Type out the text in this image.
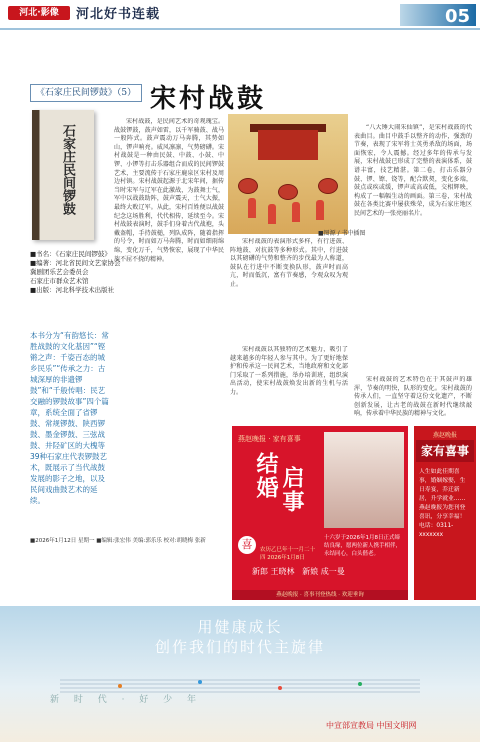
河北·影像	河北好书连载	05
《石家庄民间锣鼓》（5） 宋村战鼓
石家庄民间锣鼓
■书名：《石家庄民间锣鼓》
■编著：河北省民间文艺家协会
冀剧团乐艺会委员会
石家庄市群众艺术馆
■出版：河北科学技术出版社
本书分为“有韵悠长：常胜战鼓的文化基因”“铿锵之声：千姿百态的城乡民乐”“传承之力：古城深厚的非遗锣鼓”和“千般传唱：民艺交融的锣鼓故事”四个篇章，系统全面了省锣鼓、常规锣鼓、陕西锣鼓、墨金锣鼓、三弦战鼓、井陉矿区的大槐等39种石家庄代表锣鼓艺术，既展示了当代战鼓发展的影子之地，以及民间戏曲鼓艺术的延续。
宋村战鼓，是民间艺术的奇观瑰宝。战鼓锣鼓，鼓声如雷，以千军骑鼓、战马一般阵式。鼓声震动万马奔腾，其势如山，锣声响亮。威风凛凛，气势磅礴。宋村战鼓是一种由民鼓、中鼓、小鼓、中锣、小锣等打击乐器组合而成的民间锣鼓艺术，主要流传于石家庄鹿泉区宋村及周边村镇。宋村战鼓起源于北宋年间，据传当时宋军与辽军在此激战，为鼓舞士气，军中以战鼓助阵，鼓声震天，士气大振，最终大败辽军。从此，宋村百姓便以战鼓纪念这场胜利，代代相传，延续至今。宋村战鼓表演时，鼓手们身着古代战袍，头戴盔帽，手持鼓槌，列队成阵，随着指挥的号令，时而如万马奔腾，时而如细雨绵绵，变化万千，气势恢宏，展现了中华民族不屈不挠的精神。
■图源 / 书中插图
宋村战鼓的表演形式多样，有行进鼓、阵地鼓、对抗鼓等多种形式。其中，行进鼓以其磅礴的气势和整齐的步伐最为人称道，鼓队在行进中不断变换队形，鼓声时而高亢，时而低沉，富有节奏感，令观众叹为观止。
“八大锤大闹朱仙镇”，是宋村战鼓的代表曲目。曲目中鼓手以整齐的动作，强劲的节奏，表现了宋军将士英勇杀敌的场面，场面恢宏，令人震撼。经过多年的传承与发展，宋村战鼓已形成了完整的表演体系，鼓谱丰富，技艺精湛。第二卷，打击乐器分鼓、锣、镲、铙等，配合默契，变化多端，鼓点或疾或缓，锣声或高或低，交相辉映，构成了一幅幅生动的画面。第三卷，宋村战鼓在各类比赛中屡获殊荣，成为石家庄地区民间艺术的一张亮丽名片。
宋村战鼓以其独特的艺术魅力，吸引了越来越多的年轻人参与其中。为了更好地保护和传承这一民间艺术，当地政府和文化部门采取了一系列措施，举办培训班，组织演出活动，使宋村战鼓焕发出新的生机与活力。
宋村战鼓的艺术特色在于其鼓声的雄浑，节奏的明快，队形的变化。宋村战鼓的传承人们，一直坚守着这份文化遗产，不断创新发展，让古老的战鼓在新时代继续敲响，传承着中华民族的精神与文化。
■2026年1月12日 星期一 ■编辑:张宏伟 美编:郭乐乐 校对:胡晓梅 张新
燕赵晚报 · 家有喜事
结婚 启事
喜	农历乙巳年十一月二十四 2026年1月8日
新郎 王晓林 新娘 成一曼
十六岁于2026年1月8日正式缔结良缘，愿两位新人携手相伴，永结同心，白头偕老。
燕赵晚报 · 喜事刊登热线 · 欢迎垂询
燕赵晚报
家有喜事
人生如此佳期喜事，婚姻嫁娶，生日寿宴，乔迁新居，升学就业……燕赵晚报为您刊登喜讯，分享幸福！电话：0311-xxxxxxx
用健康成长
创作我们的时代主旋律
新 时 代 · 好 少 年
中宣部宣教局 中国文明网
